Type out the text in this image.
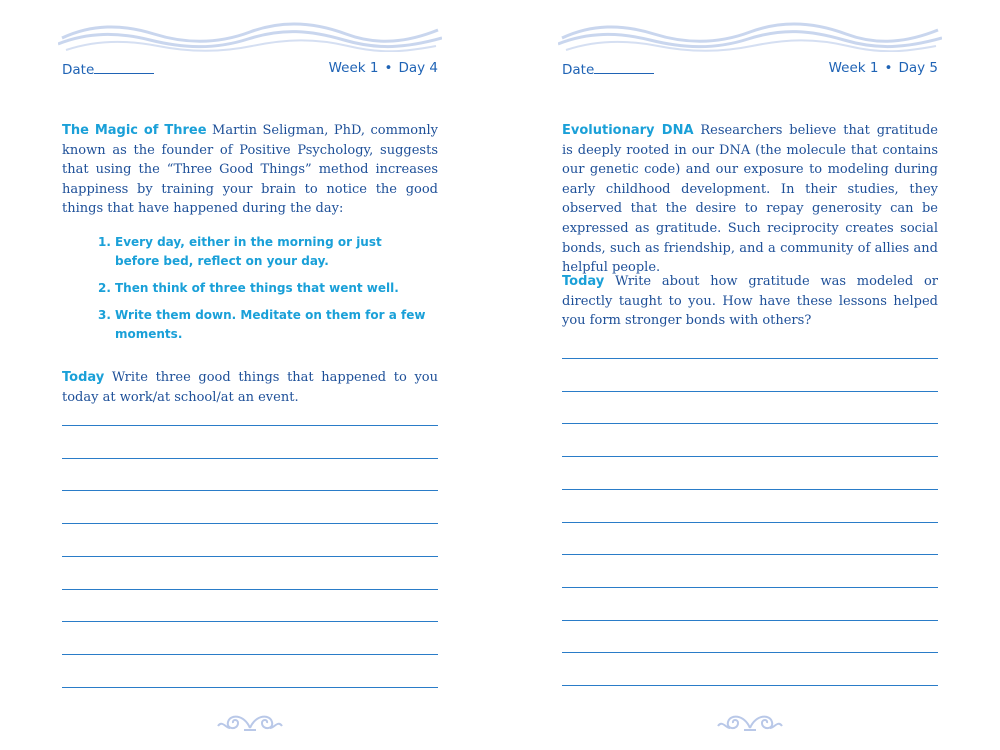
Date	Week 1 • Day 4

The Magic of Three Martin Seligman, PhD, commonly known as the founder of Positive Psychology, suggests that using the “Three Good Things” method increases happiness by training your brain to notice the good things that have happened during the day:

1. Every day, either in the morning or just before bed, reflect on your day.
2. Then think of three things that went well.
3. Write them down. Meditate on them for a few moments.

Today Write three good things that happened to you today at work/at school/at an event.

Date	Week 1 • Day 5

Evolutionary DNA Researchers believe that gratitude is deeply rooted in our DNA (the molecule that contains our genetic code) and our exposure to modeling during early childhood development. In their studies, they observed that the desire to repay generosity can be expressed as gratitude. Such reciprocity creates social bonds, such as friendship, and a community of allies and helpful people.

Today Write about how gratitude was modeled or directly taught to you. How have these lessons helped you form stronger bonds with others?
